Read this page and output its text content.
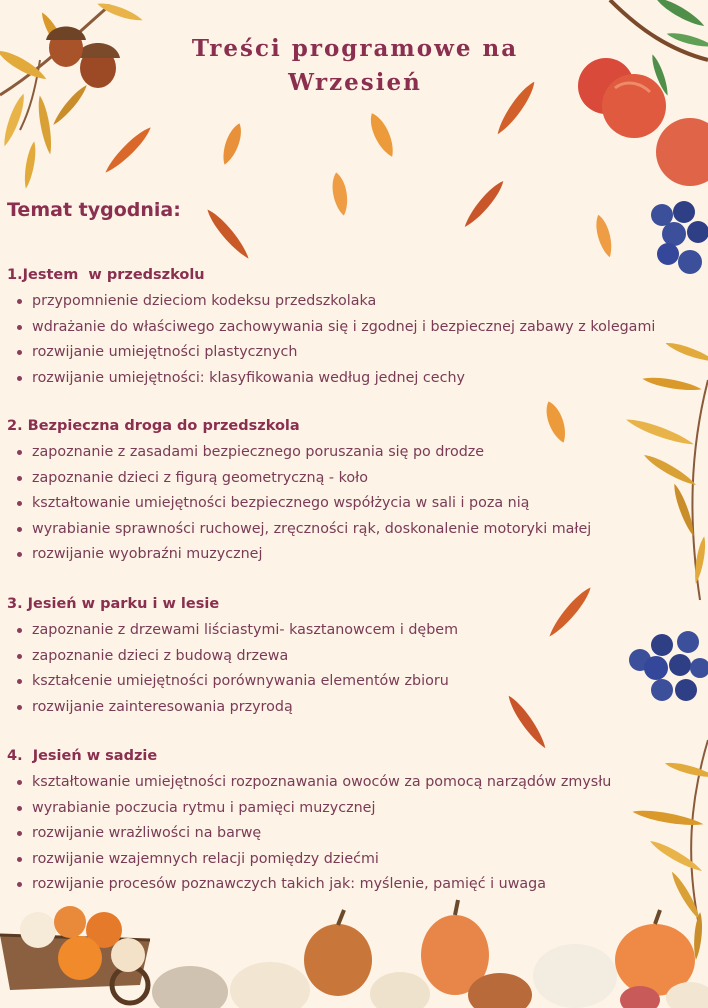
Treści programowe na
Wrzesień
Temat tygodnia:
1.Jestem  w przedszkolu
przypomnienie dzieciom kodeksu przedszkolaka
wdrażanie do właściwego zachowywania się i zgodnej i bezpiecznej zabawy z kolegami
rozwijanie umiejętności plastycznych
rozwijanie umiejętności: klasyfikowania według jednej cechy
2. Bezpieczna droga do przedszkola
zapoznanie z zasadami bezpiecznego poruszania się po drodze
zapoznanie dzieci z figurą geometryczną - koło
kształtowanie umiejętności bezpiecznego współżycia w sali i poza nią
wyrabianie sprawności ruchowej, zręczności rąk, doskonalenie motoryki małej
rozwijanie wyobraźni muzycznej
3. Jesień w parku i w lesie
zapoznanie z drzewami liściastymi- kasztanowcem i dębem
zapoznanie dzieci z budową drzewa
kształcenie umiejętności porównywania elementów zbioru
rozwijanie zainteresowania przyrodą
4.  Jesień w sadzie
kształtowanie umiejętności rozpoznawania owoców za pomocą narządów zmysłu
wyrabianie poczucia rytmu i pamięci muzycznej
rozwijanie wrażliwości na barwę
rozwijanie wzajemnych relacji pomiędzy dziećmi
rozwijanie procesów poznawczych takich jak: myślenie, pamięć i uwaga
